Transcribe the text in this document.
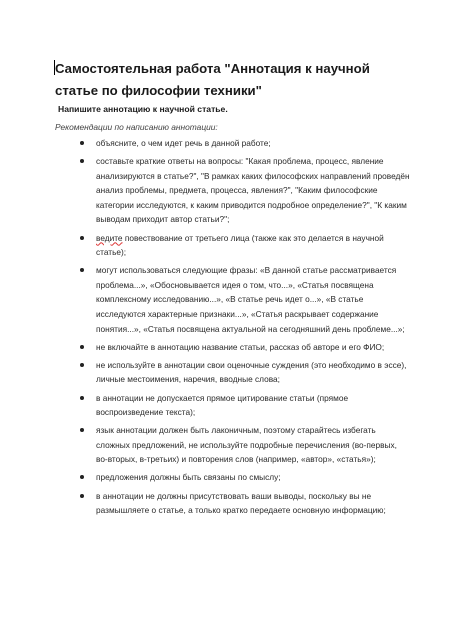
Самостоятельная работа "Аннотация к научной статье по философии техники"
Напишите аннотацию к научной статье.
Рекомендации по написанию аннотации:
объясните, о чем идет речь в данной работе;
составьте краткие ответы на вопросы: "Какая проблема, процесс, явление анализируются в статье?", "В рамках каких философских направлений проведён анализ проблемы, предмета, процесса, явления?", "Каким философские категории исследуются, к каким приводится подробное определение?", "К каким выводам приходит автор статьи?";
ведите повествование от третьего лица (также как это делается в научной статье);
могут использоваться следующие фразы: «В данной статье рассматривается проблема...», «Обосновывается идея о том, что...», «Статья посвящена комплексному исследованию...», «В статье речь идет о...», «В статье исследуются характерные признаки...», «Статья раскрывает содержание понятия...», «Статья посвящена актуальной на сегодняшний день проблеме...»;
не включайте в аннотацию название статьи, рассказ об авторе и его ФИО;
не используйте в аннотации свои оценочные суждения (это необходимо в эссе), личные местоимения, наречия, вводные слова;
в аннотации не допускается прямое цитирование статьи (прямое воспроизведение текста);
язык аннотации должен быть лаконичным, поэтому старайтесь избегать сложных предложений, не используйте подробные перечисления (во-первых, во-вторых, в-третьих) и повторения слов (например, «автор», «статья»);
предложения должны быть связаны по смыслу;
в аннотации не должны присутствовать ваши выводы, поскольку вы не размышляете о статье, а только кратко передаете основную информацию;
